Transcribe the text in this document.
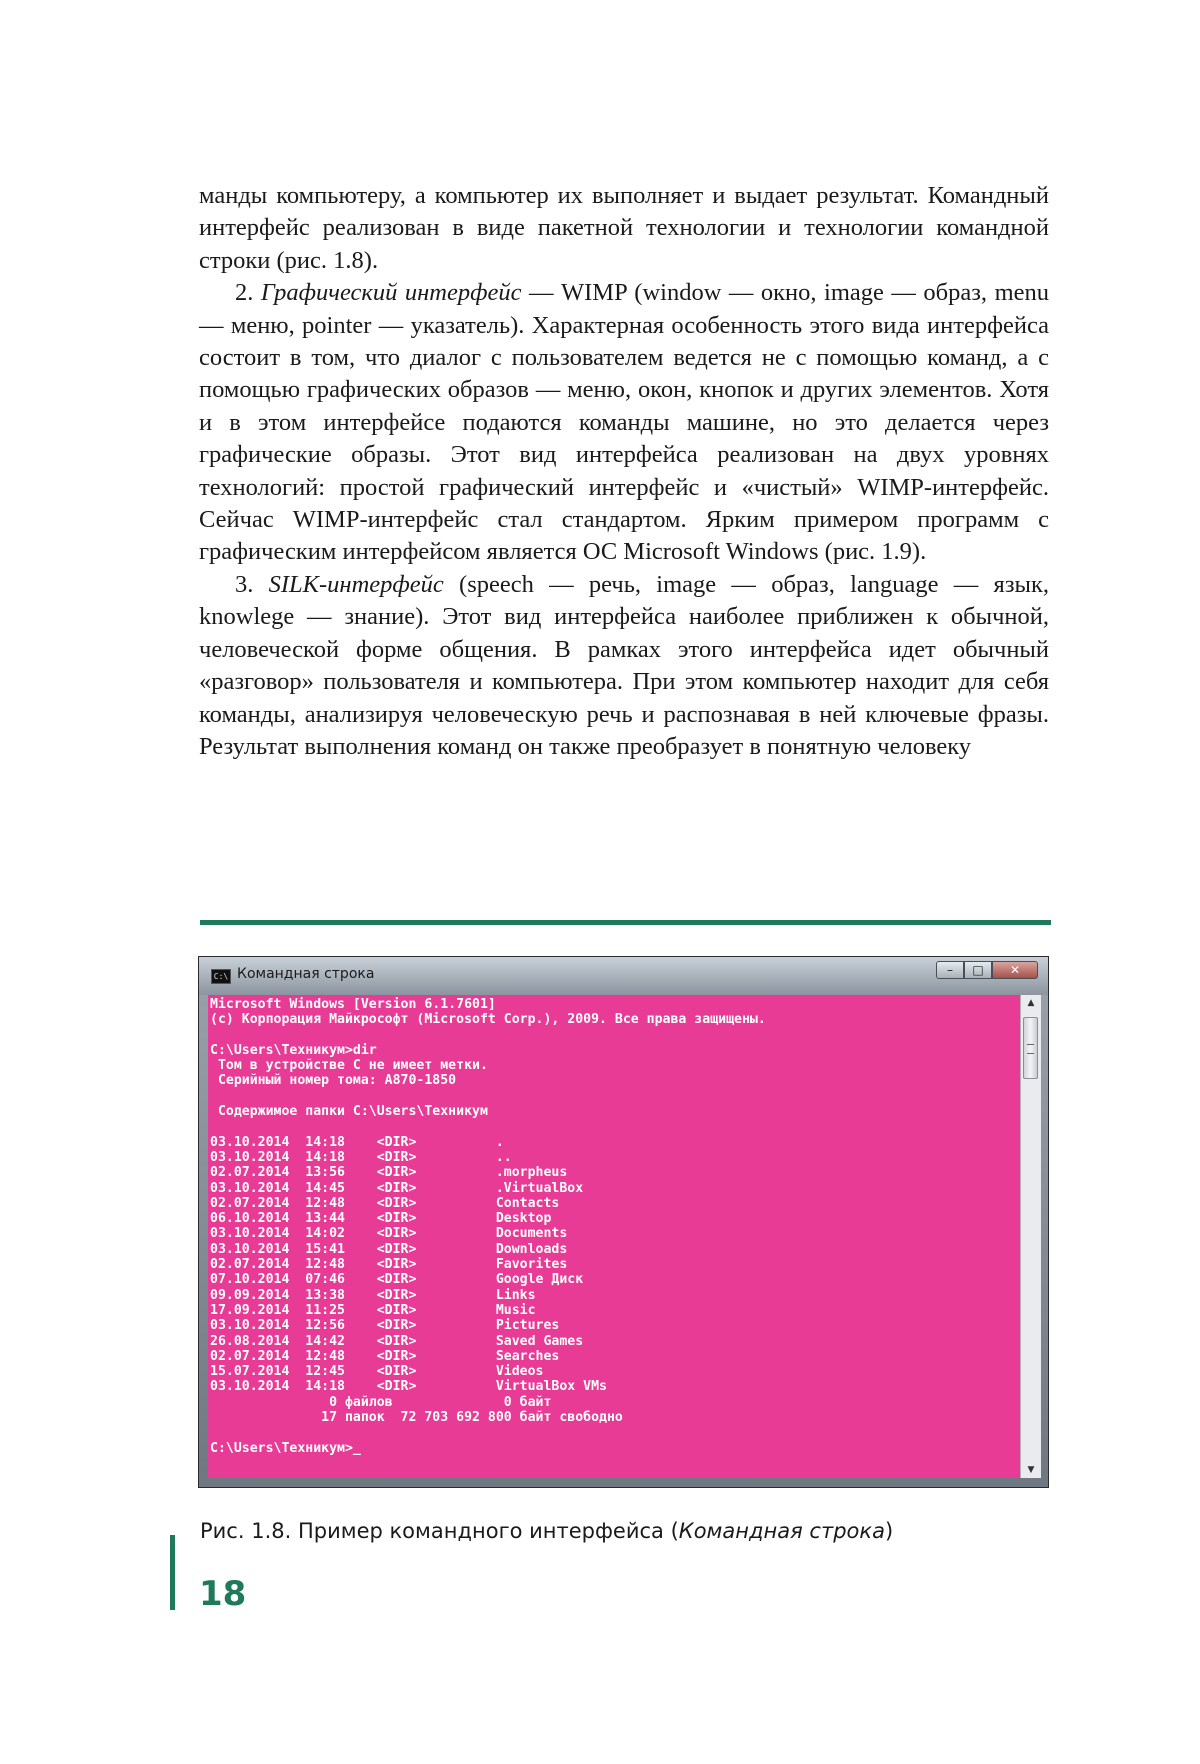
манды компьютеру, а компьютер их выполняет и выдает результат. Командный интерфейс реализован в виде пакетной технологии и технологии командной строки (рис. 1.8).

2. Графический интерфейс — WIMP (window — окно, image — образ, menu — меню, pointer — указатель). Характерная особенность этого вида интерфейса состоит в том, что диалог с пользователем ведется не с помощью команд, а с помощью графических образов — меню, окон, кнопок и других элементов. Хотя и в этом интерфейсе подаются команды машине, но это делается через графические образы. Этот вид интерфейса реализован на двух уровнях технологий: простой графический интерфейс и «чистый» WIMP-интерфейс. Сейчас WIMP-интерфейс стал стандартом. Ярким примером программ с графическим интерфейсом является ОС Microsoft Windows (рис. 1.9).

3. SILK-интерфейс (speech — речь, image — образ, language — язык, knowlege — знание). Этот вид интерфейса наиболее приближен к обычной, человеческой форме общения. В рамках этого интерфейса идет обычный «разговор» пользователя и компьютера. При этом компьютер находит для себя команды, анализируя человеческую речь и распознавая в ней ключевые фразы. Результат выполнения команд он также преобразует в понятную человеку

C:\ Командная строка	–	□	✕
Microsoft Windows [Version 6.1.7601]
(c) Корпорация Майкрософт (Microsoft Corp.), 2009. Все права защищены.

C:\Users\Техникум>dir
Том в устройстве C не имеет метки.
Серийный номер тома: A870-1850

Содержимое папки C:\Users\Техникум

03.10.2014  14:18    <DIR>          .
03.10.2014  14:18    <DIR>          ..
02.07.2014  13:56    <DIR>          .morpheus
03.10.2014  14:45    <DIR>          .VirtualBox
02.07.2014  12:48    <DIR>          Contacts
06.10.2014  13:44    <DIR>          Desktop
03.10.2014  14:02    <DIR>          Documents
03.10.2014  15:41    <DIR>          Downloads
02.07.2014  12:48    <DIR>          Favorites
07.10.2014  07:46    <DIR>          Google Диск
09.09.2014  13:38    <DIR>          Links
17.09.2014  11:25    <DIR>          Music
03.10.2014  12:56    <DIR>          Pictures
26.08.2014  14:42    <DIR>          Saved Games
02.07.2014  12:48    <DIR>          Searches
15.07.2014  12:45    <DIR>          Videos
03.10.2014  14:18    <DIR>          VirtualBox VMs
0 файлов              0 байт
17 папок  72 703 692 800 байт свободно

C:\Users\Техникум>_
▲
▼
Рис. 1.8. Пример командного интерфейса (Командная строка)
18
